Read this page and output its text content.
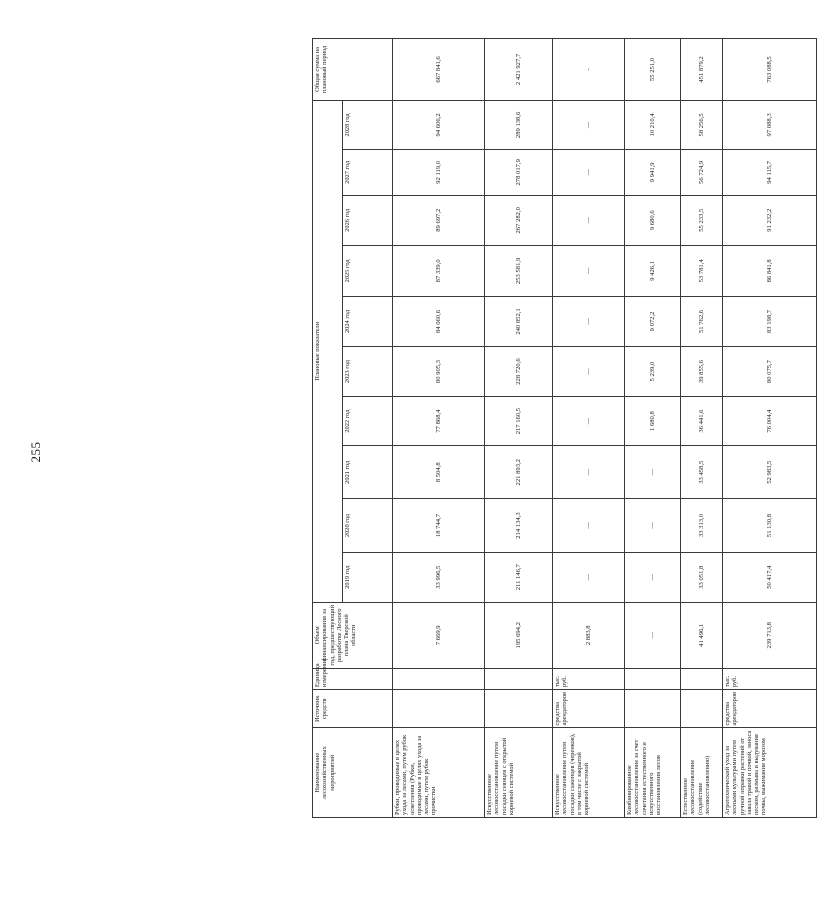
255
Наименование лесохозяйственных мероприятий	Источник средств	Единица измерения	Объем финансирования за год, предшествующий разработке Лесного плана Тверской области	Плановые показатели										Общая сумма на плановый период
				2019 год	2020 год	2021 год	2022 год	2023 год	2024 год	2025 год	2026 год	2027 год	2028 год	
Рубки, проводимые в целях ухода за лесами, путем рубок осветления (Рубки, проводимые в целях ухода за лесами, путем рубок прочистки			7 669,9	33 996,5	18 744,7	8 504,8	77 868,4	80 905,3	84 060,6	87 339,0	89 697,2	92 119,0	94 606,2	667 841,6
Искусственное лесовосстановление путем посадки сеянцев с открытой корневой системой			195 694,2	211 146,7	214 134,3	221 893,2	217 160,5	228 720,6	240 852,1	253 581,9	267 282,0	278 017,9	289 138,6	2 421 927,7
Искусственное лесовосстановление путем посадки саженцев (черенков), в том числе с закрытой корневой системой	средства арендаторов	тыс. руб.	2 883,8	—	—	—	—	—	—	—	—	—	—	-
Комбинированное лесовосстановление за счет сочетания естественного и искусственного восстановления лесов			—	—	—	—	1 680,8	5 239,0	9 072,2	9 426,1	9 680,6	9 941,9	10 210,4	55 251,0
Естественное лесовосстановление (содействие лесовосстановлению)			41 496,1	33 051,8	33 313,0	33 458,5	36 441,6	39 855,6	51 762,6	53 781,4	55 233,5	56 724,9	58 256,5	451 879,2
Агротехнический уход за лесными культурами путем ручной оправки растений от завала травой и почвой, заноса песком, размыва и выдувания почвы, выжимания морозом	средства арендаторов	тыс. руб.	239 713,8	50 417,4	51 130,8	52 983,5	76 004,4	80 075,7	83 198,7	86 841,8	91 232,2	94 115,7	97 088,3	763 088,5
